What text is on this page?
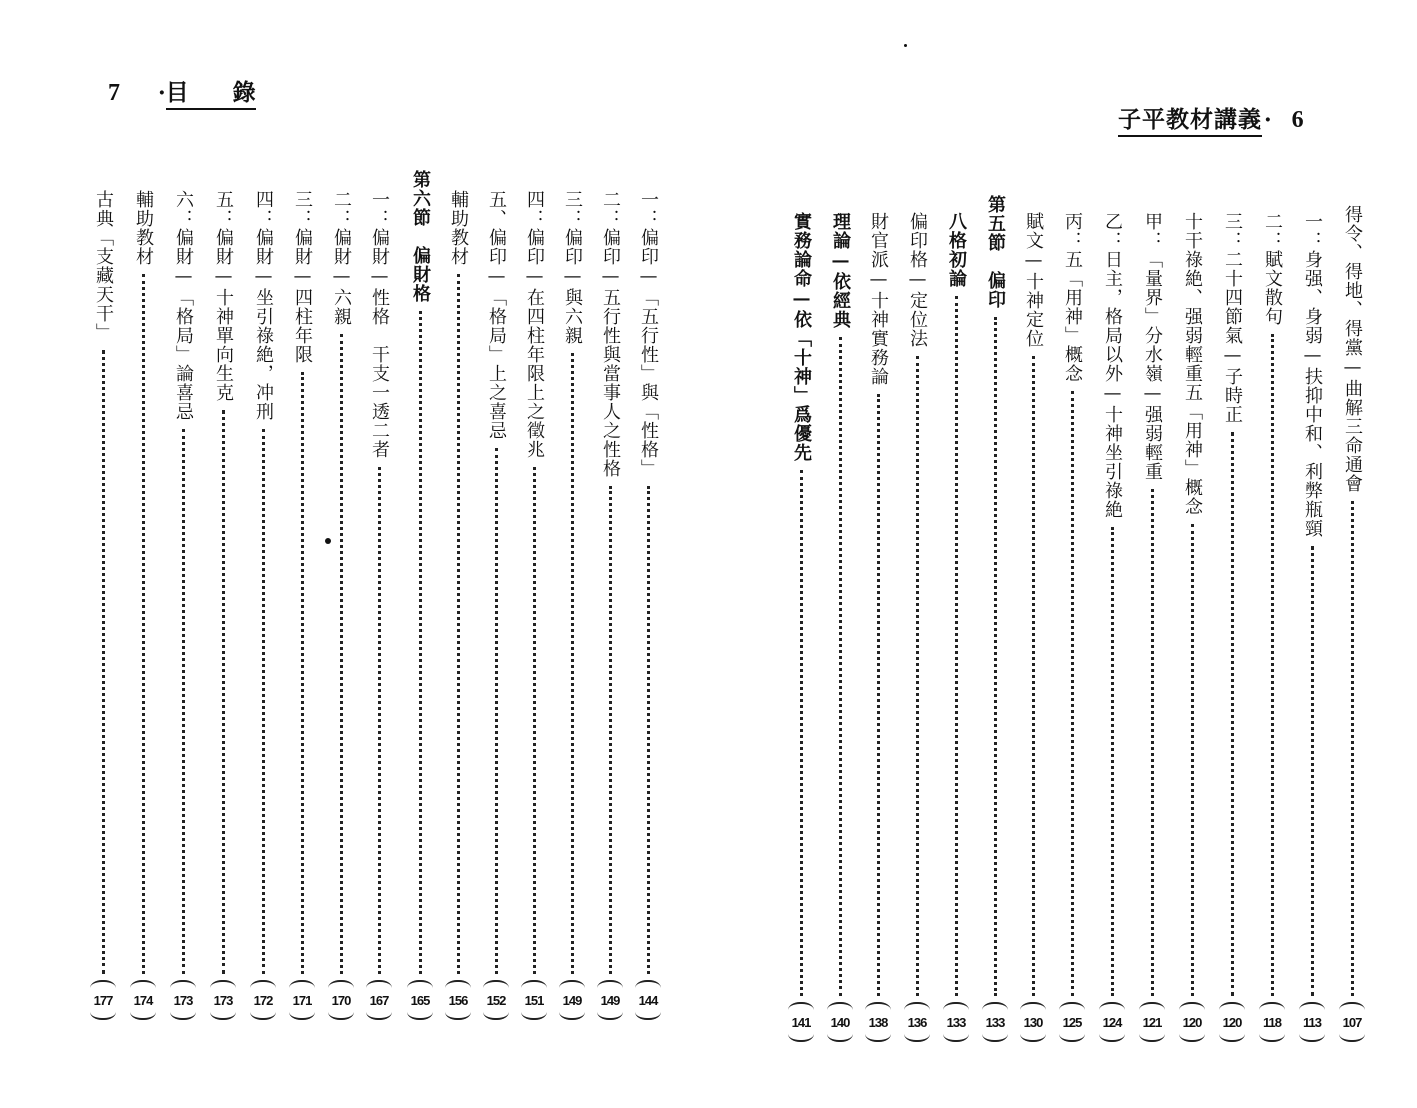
7 · 目 錄
子平教材講義 · 6
一：偏印—「五行性」與「性格」
144
二：偏印—五行性與當事人之性格
149
三：偏印—與六親
149
四：偏印—在四柱年限上之徵兆
151
五、偏印—「格局」上之喜忌
152
輔助教材
156
第六節　偏財格
165
一：偏財—性格　干支一透二者
167
二：偏財—六親
170
三：偏財—四柱年限
171
四：偏財—坐引祿絶，冲刑
172
五：偏財—十神單向生克
173
六：偏財—「格局」論喜忌
173
輔助教材
174
古典「支藏天干」
177
得令、得地、得黨—曲解三命通會
107
一：身强、身弱—扶抑中和、利弊瓶頸
113
二：賦文散句
118
三：二十四節氣—子時正
120
十干祿絶、强弱輕重五「用神」概念
120
甲：「量界」分水嶺—强弱輕重
121
乙：日主，格局以外—十神坐引祿絶
124
丙：五「用神」概念
125
賦文—十神定位
130
第五節　偏印
133
八格初論
133
偏印格—定位法
136
財官派—十神實務論
138
理論—依經典
140
實務論命—依「十神」爲優先
141
